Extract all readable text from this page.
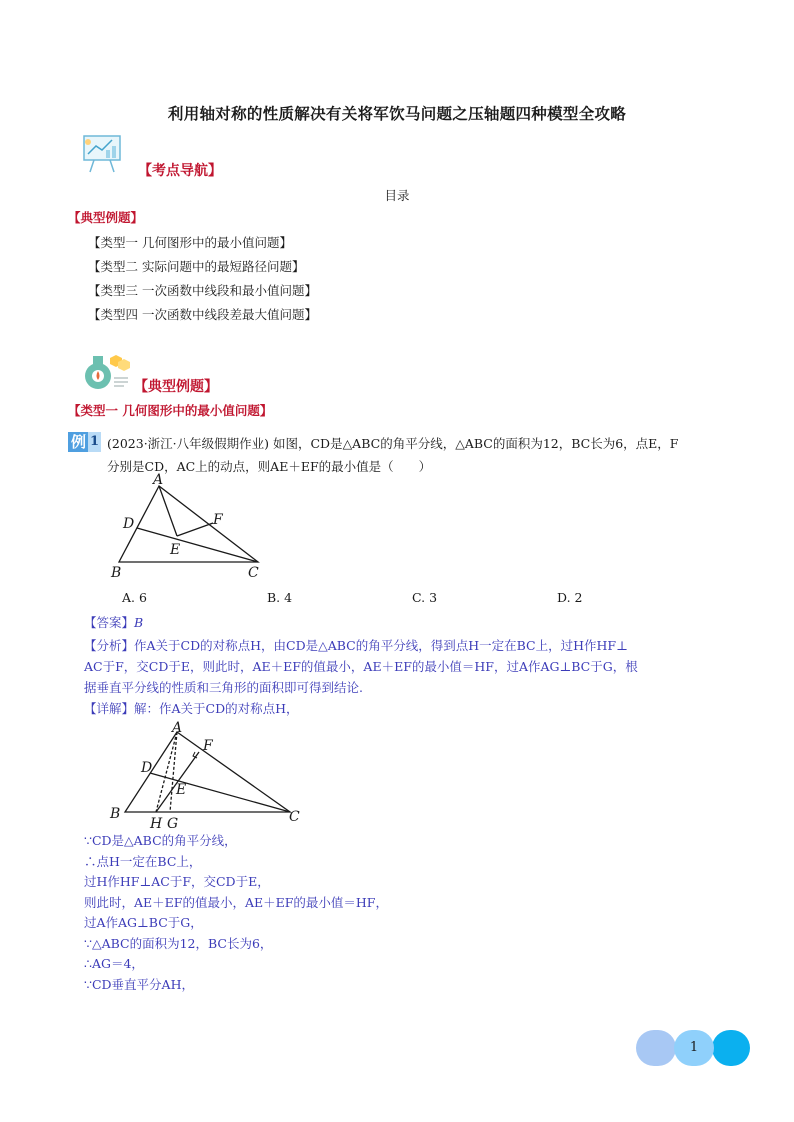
利用轴对称的性质解决有关将军饮马问题之压轴题四种模型全攻略
【考点导航】
目录
【典型例题】
【类型一 几何图形中的最小值问题】
【类型二 实际问题中的最短路径问题】
【类型三 一次函数中线段和最小值问题】
【类型四 一次函数中线段差最大值问题】
【典型例题】
【类型一 几何图形中的最小值问题】
例 1 (2023·浙江·八年级假期作业) 如图，CD是△ABC的角平分线，△ABC的面积为12，BC长为6，点E，F
分别是CD，AC上的动点，则AE＋EF的最小值是（　　）
A
D	F
E
B	C
A. 6	B. 4	C. 3	D. 2
【答案】B
【分析】作A关于CD的对称点H，由CD是△ABC的角平分线，得到点H一定在BC上，过H作HF⊥
AC于F，交CD于E，则此时，AE＋EF的值最小，AE＋EF的最小值＝HF，过A作AG⊥BC于G，根
据垂直平分线的性质和三角形的面积即可得到结论.
【详解】解：作A关于CD的对称点H，
A
F
D
E
B
H G	C
∵CD是△ABC的角平分线，
∴点H一定在BC上，
过H作HF⊥AC于F，交CD于E，
则此时，AE＋EF的值最小，AE＋EF的最小值＝HF，
过A作AG⊥BC于G，
∵△ABC的面积为12，BC长为6，
∴AG＝4，
∵CD垂直平分AH，
1
